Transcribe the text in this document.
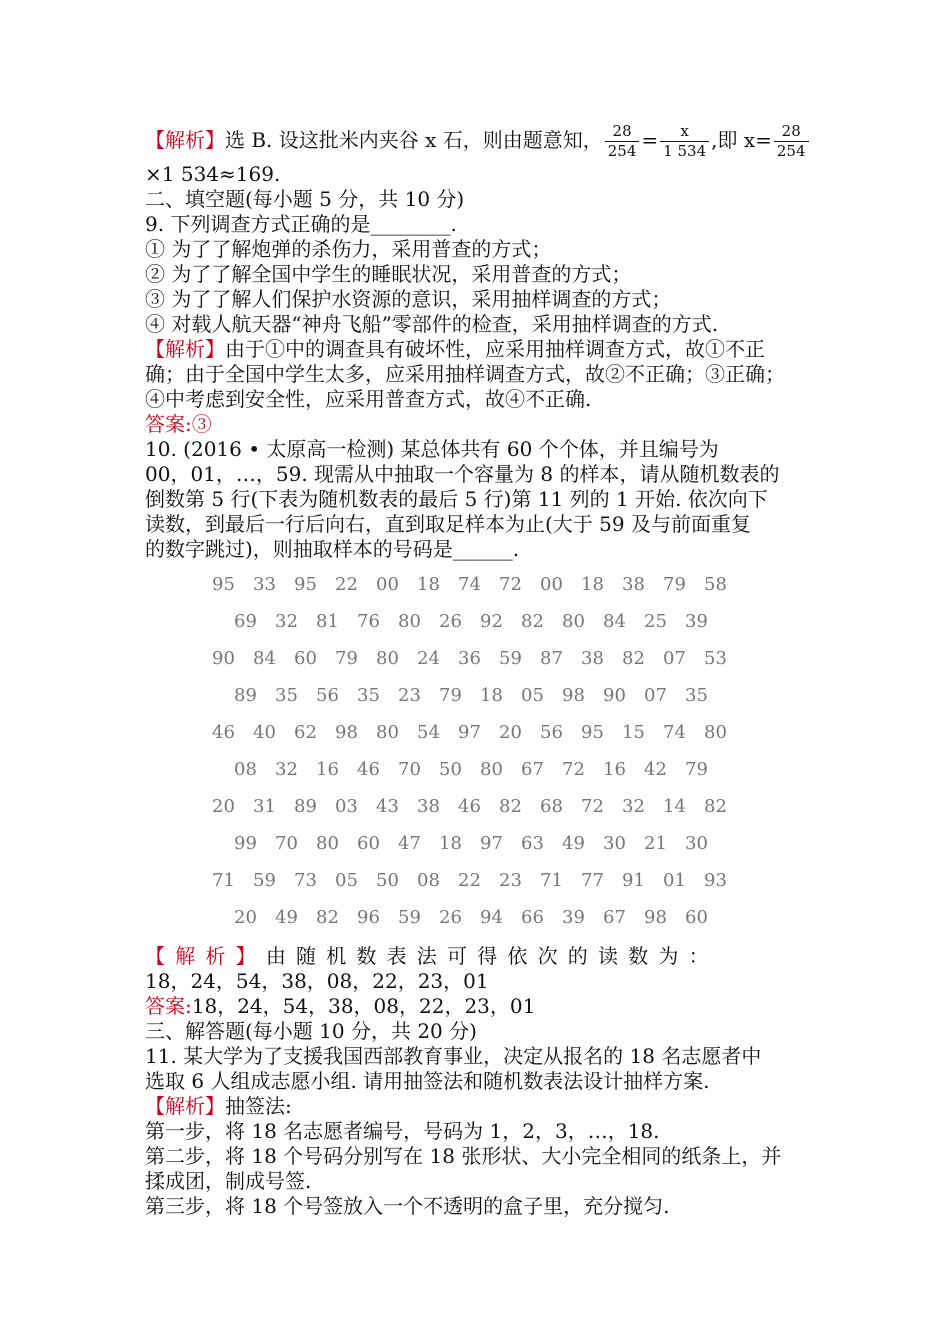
【解析】选 B. 设这批米内夹谷 x 石，则由题意知， $\frac{28}{254} = \frac{x}{1 534}$ ,即 $x= \frac{28}{254}$
×1 534≈169.
二、填空题(每小题 5 分，共 10 分)
9. 下列调查方式正确的是________.
① 为了了解炮弹的杀伤力，采用普查的方式；
② 为了了解全国中学生的睡眠状况，采用普查的方式；
③ 为了了解人们保护水资源的意识，采用抽样调查的方式；
④ 对载人航天器“神舟飞船”零部件的检查，采用抽样调查的方式.
【解析】由于①中的调查具有破坏性，应采用抽样调查方式，故①不正
确；由于全国中学生太多，应采用抽样调查方式，故②不正确；③正确；
④中考虑到安全性，应采用普查方式，故④不正确.
答案:③
10. (2016 • 太原高一检测) 某总体共有 60 个个体，并且编号为
00，01，…，59. 现需从中抽取一个容量为 8 的样本，请从随机数表的
倒数第 5 行(下表为随机数表的最后 5 行)第 11 列的 1 开始. 依次向下
读数，到最后一行后向右，直到取足样本为止(大于 59 及与前面重复
的数字跳过)，则抽取样本的号码是______.
95 33 95 22 00 18 74 72 00 18 38 79 58
69 32 81 76 80 26 92 82 80 84 25 39
90 84 60 79 80 24 36 59 87 38 82 07 53
89 35 56 35 23 79 18 05 98 90 07 35
46 40 62 98 80 54 97 20 56 95 15 74 80
08 32 16 46 70 50 80 67 72 16 42 79
20 31 89 03 43 38 46 82 68 72 32 14 82
99 70 80 60 47 18 97 63 49 30 21 30
71 59 73 05 50 08 22 23 71 77 91 01 93
20 49 82 96 59 26 94 66 39 67 98 60
【解析】由随机数表法可得依次的读数为：
18，24，54，38，08，22，23，01
答案:18，24，54，38，08，22，23，01
三、解答题(每小题 10 分，共 20 分)
11. 某大学为了支援我国西部教育事业，决定从报名的 18 名志愿者中
选取 6 人组成志愿小组. 请用抽签法和随机数表法设计抽样方案.
【解析】抽签法:
第一步，将 18 名志愿者编号，号码为 1，2，3，…，18.
第二步，将 18 个号码分别写在 18 张形状、大小完全相同的纸条上，并
揉成团，制成号签.
第三步，将 18 个号签放入一个不透明的盒子里，充分搅匀.
